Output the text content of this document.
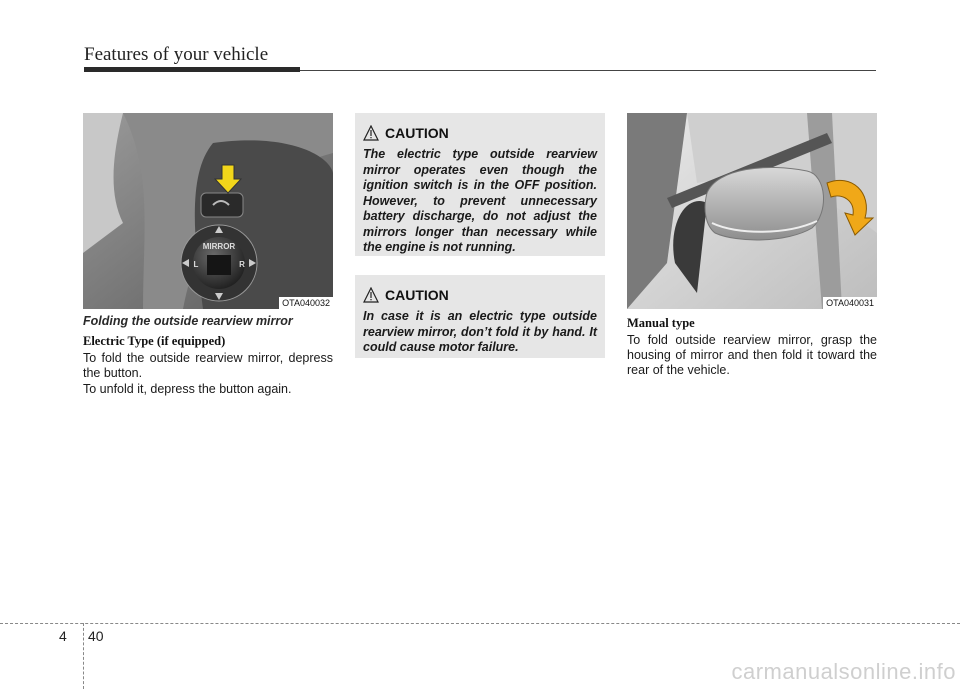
Features of your vehicle
MIRROR
L	R
OTA040032
Folding the outside rearview mirror
Electric Type (if equipped)

To fold the outside rearview mirror, depress the button.

To unfold it, depress the button again.

CAUTION

The electric type outside rearview mirror operates even though the ignition switch is in the OFF position. However, to prevent unnecessary battery discharge, do not adjust the mirrors longer than necessary while the engine is not running.

CAUTION

In case it is an electric type outside rearview mirror, don’t fold it by hand. It could cause motor failure.

OTA040031
Manual type

To fold outside rearview mirror, grasp the housing of mirror and then fold it toward the rear of the vehicle.

4 40
carmanualsonline.info
